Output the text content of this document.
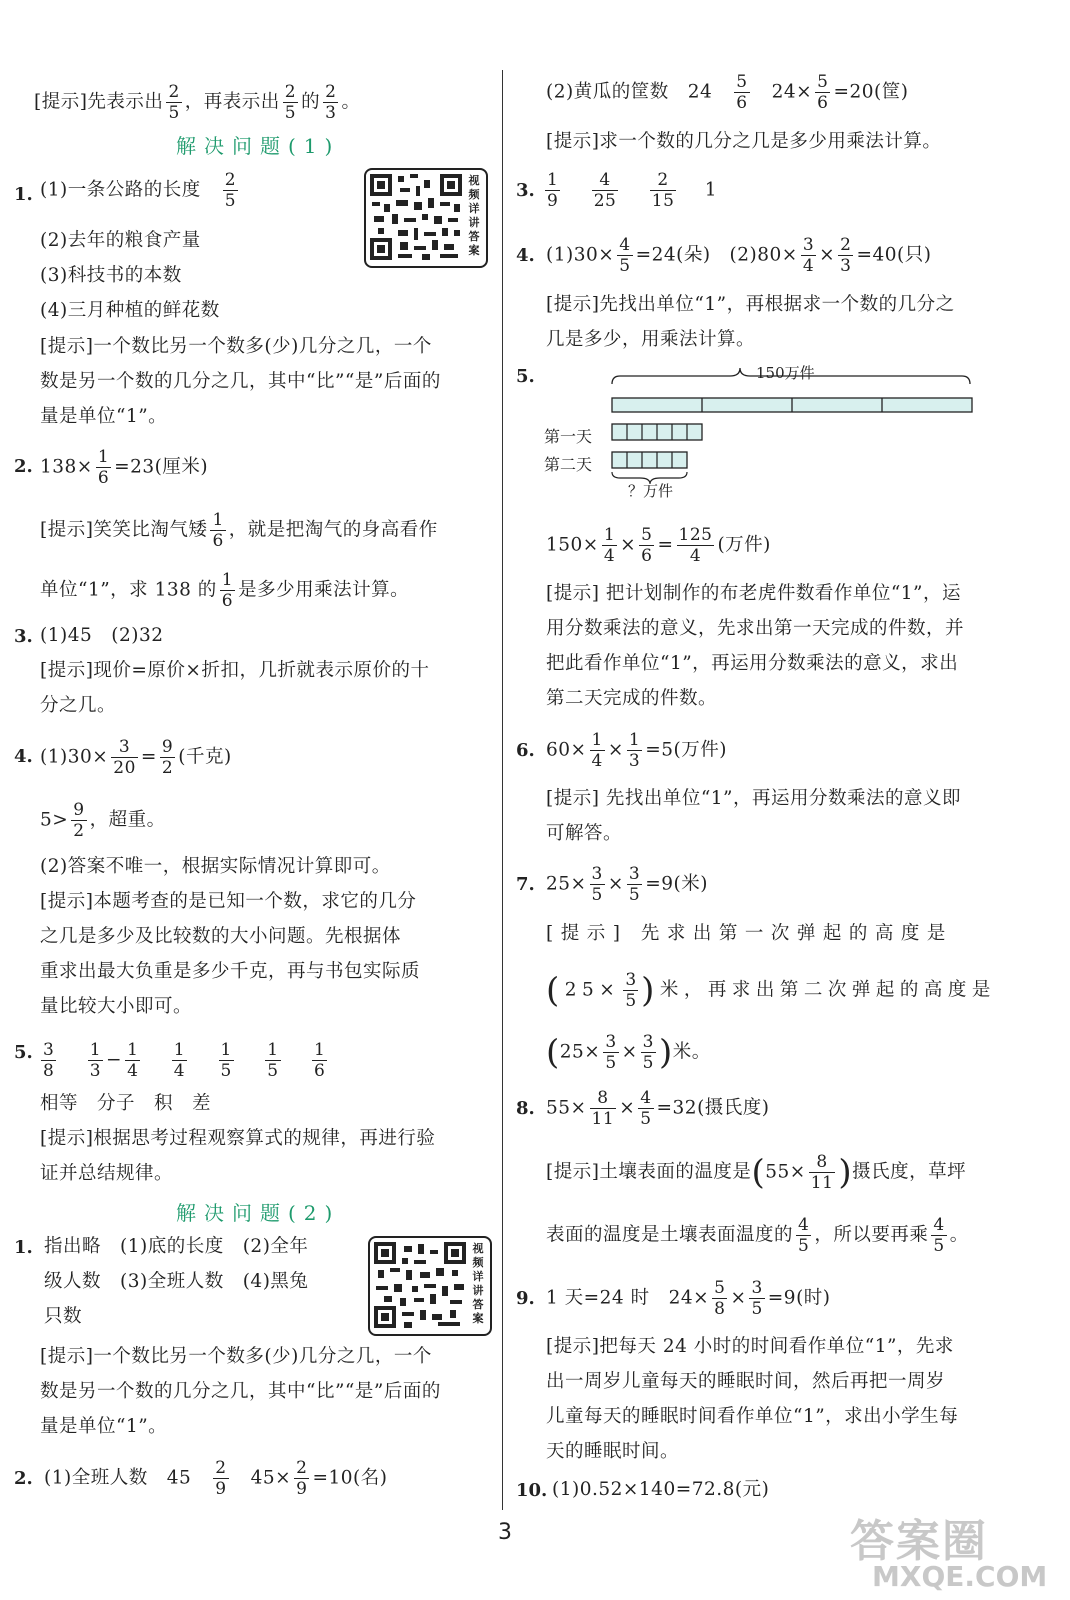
[提示]先表示出 $\frac{2}{5}$ ，再表示出 $\frac{2}{5}$ 的 $\frac{2}{3}$ 。
解决问题(1)
1. (1)一条公路的长度　 $\frac{2}{5}$
(2)去年的粮食产量
(3)科技书的本数
(4)三月种植的鲜花数
[提示]一个数比另一个数多(少)几分之几，一个
数是另一个数的几分之几，其中“比”“是”后面的
量是单位“1”。
视频详讲答案
2. $138\times \frac{1}{6} =23$(厘米)
[提示]笑笑比淘气矮 $\frac{1}{6}$ ，就是把淘气的身高看作
单位“1”，求 138 的 $\frac{1}{6}$ 是多少用乘法计算。
3. (1)45　(2)32
[提示]现价=原价×折扣，几折就表示原价的十
分之几。
4. $(1)30\times \frac{3}{20} = \frac{9}{2}$ (千克)
$5> \frac{9}{2}$ ，超重。
(2)答案不唯一，根据实际情况计算即可。
[提示]本题考查的是已知一个数，求它的几分
之几是多少及比较数的大小问题。先根据体
重求出最大负重是多少千克，再与书包实际质
量比较大小即可。
5. $\frac{3}{8}$
　 $\frac{1}{3} - \frac{1}{4}$
　 $\frac{1}{4}$
　 $\frac{1}{5}$
　 $\frac{1}{5}$
　 $\frac{1}{6}$
相等　分子　积　差
[提示]根据思考过程观察算式的规律，再进行验
证并总结规律。
解决问题(2)
1. 指出略　(1)底的长度　(2)全年
级人数　(3)全班人数　(4)黑兔
只数
视频详讲答案
[提示]一个数比另一个数多(少)几分之几，一个
数是另一个数的几分之几，其中“比”“是”后面的
量是单位“1”。
2. (1)全班人数　45　 $\frac{2}{9}$
　 $45\times \frac{2}{9} =10$(名)
(2)黄瓜的筐数　24　 $\frac{5}{6}$
　 $24\times \frac{5}{6} =20$(筐)
[提示]求一个数的几分之几是多少用乘法计算。
3. $\frac{1}{9}$
　 $\frac{4}{25}$
　 $\frac{2}{15}$
　 1
4. $(1)30\times \frac{4}{5} =24$(朵)　$(2)80\times \frac{3}{4} \times \frac{2}{3} =40$(只)
[提示]先找出单位“1”，再根据求一个数的几分之
几是多少，用乘法计算。
5.	150万件
第一天
第二天
？万件
$150\times \frac{1}{4} \times \frac{5}{6} = \frac{125}{4}$ (万件)
[提示] 把计划制作的布老虎件数看作单位“1”，运
用分数乘法的意义，先求出第一天完成的件数，并
把此看作单位“1”，再运用分数乘法的意义，求出
第二天完成的件数。
6. $60\times \frac{1}{4} \times \frac{1}{3} =5$(万件)
[提示] 先找出单位“1”，再运用分数乘法的意义即
可解答。
7. $25\times \frac{3}{5} \times \frac{3}{5} =9$(米)
[提示] 先求出第一次弹起的高度是
($25\times \frac{3}{5}$ )米，再求出第二次弹起的高度是
($25\times \frac{3}{5} \times \frac{3}{5}$ )米。
8. $55\times \frac{8}{11} \times \frac{4}{5} =32$(摄氏度)
[提示]土壤表面的温度是($55\times \frac{8}{11}$ )摄氏度，草坪
表面的温度是土壤表面温度的 $\frac{4}{5}$ ，所以要再乘 $\frac{4}{5}$ 。
9. 1 天=24 时　$24\times \frac{5}{8} \times \frac{3}{5} =9$(时)
[提示]把每天 24 小时的时间看作单位“1”，先求
出一周岁儿童每天的睡眠时间，然后再把一周岁
儿童每天的睡眠时间看作单位“1”，求出小学生每
天的睡眠时间。
10. (1)0.52×140=72.8(元)
3	答案圈
MXQE.COM
